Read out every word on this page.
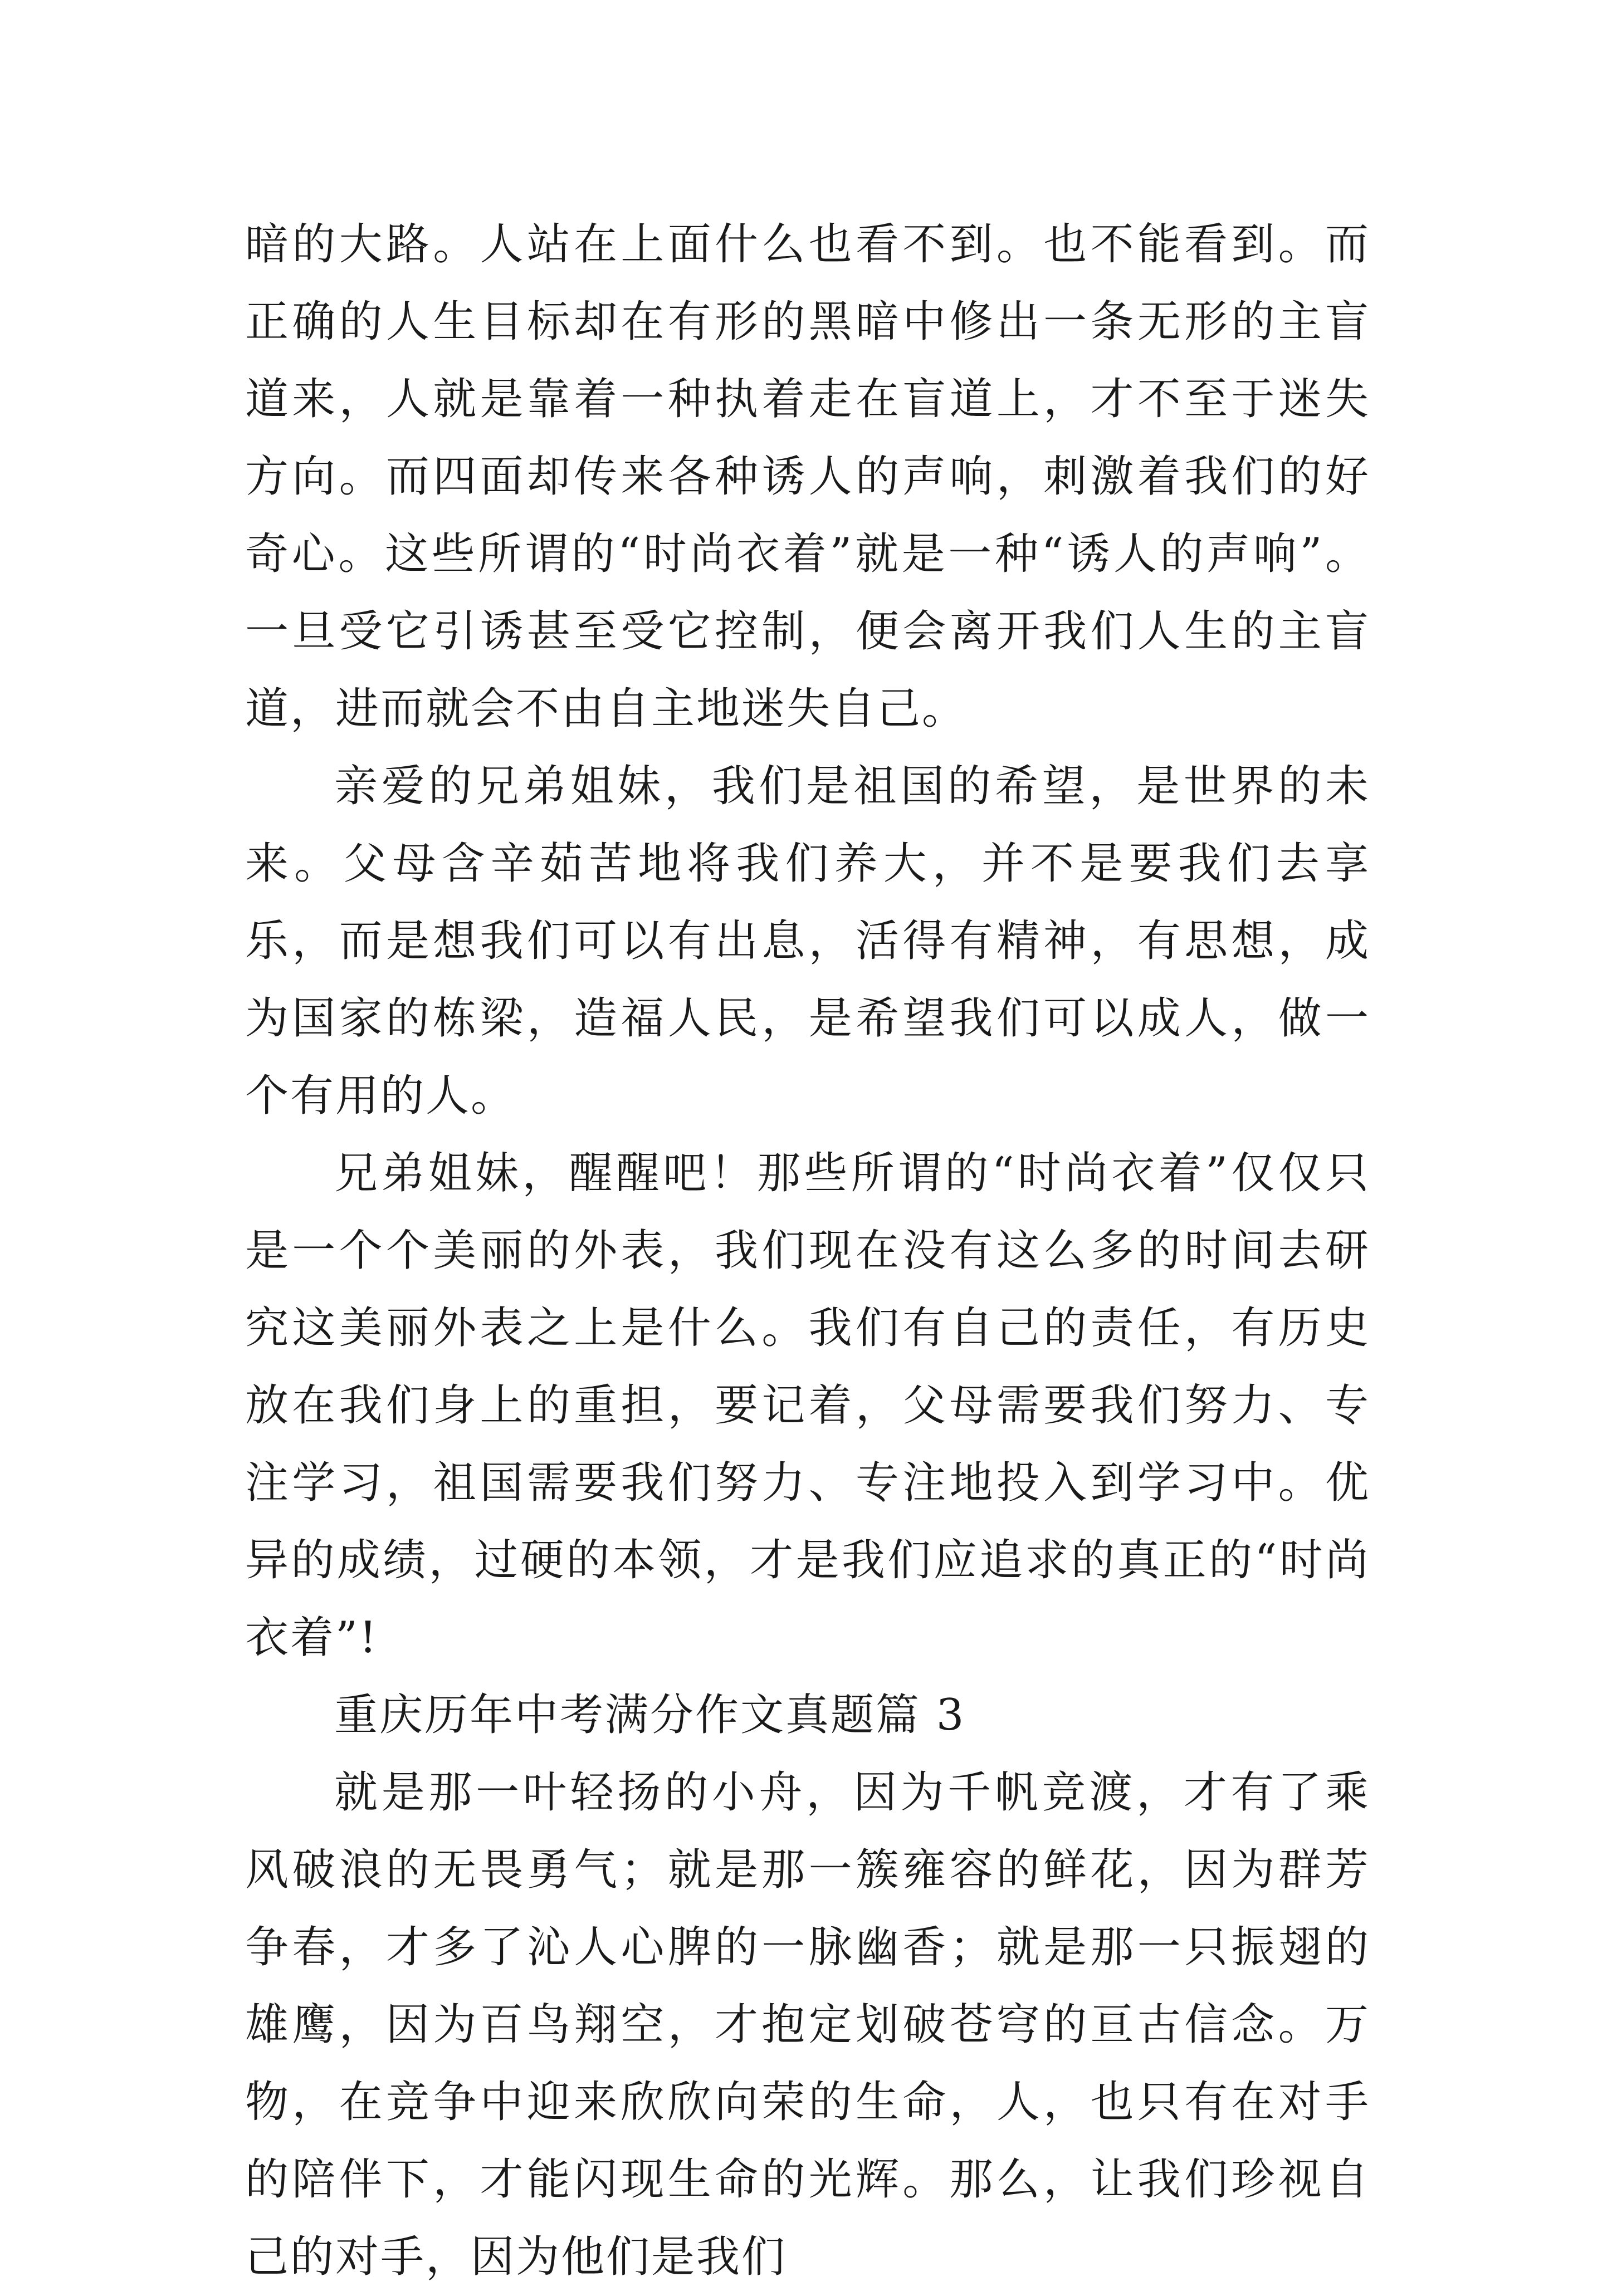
暗的大路。人站在上面什么也看不到。也不能看到。而正确的人生目标却在有形的黑暗中修出一条无形的主盲道来，人就是靠着一种执着走在盲道上，才不至于迷失方向。而四面却传来各种诱人的声响，刺激着我们的好奇心。这些所谓的“时尚衣着”就是一种“诱人的声响”。一旦受它引诱甚至受它控制，便会离开我们人生的主盲道，进而就会不由自主地迷失自己。

亲爱的兄弟姐妹，我们是祖国的希望，是世界的未来。父母含辛茹苦地将我们养大，并不是要我们去享乐，而是想我们可以有出息，活得有精神，有思想，成为国家的栋梁，造福人民，是希望我们可以成人，做一个有用的人。

兄弟姐妹，醒醒吧！那些所谓的“时尚衣着”仅仅只是一个个美丽的外表，我们现在没有这么多的时间去研究这美丽外表之上是什么。我们有自己的责任，有历史放在我们身上的重担，要记着，父母需要我们努力、专注学习，祖国需要我们努力、专注地投入到学习中。优异的成绩，过硬的本领，才是我们应追求的真正的“时尚衣着”!

重庆历年中考满分作文真题篇 3

就是那一叶轻扬的小舟，因为千帆竞渡，才有了乘风破浪的无畏勇气；就是那一簇雍容的鲜花，因为群芳争春，才多了沁人心脾的一脉幽香；就是那一只振翅的雄鹰，因为百鸟翔空，才抱定划破苍穹的亘古信念。万物，在竞争中迎来欣欣向荣的生命，人，也只有在对手的陪伴下，才能闪现生命的光辉。那么，让我们珍视自己的对手，因为他们是我们
